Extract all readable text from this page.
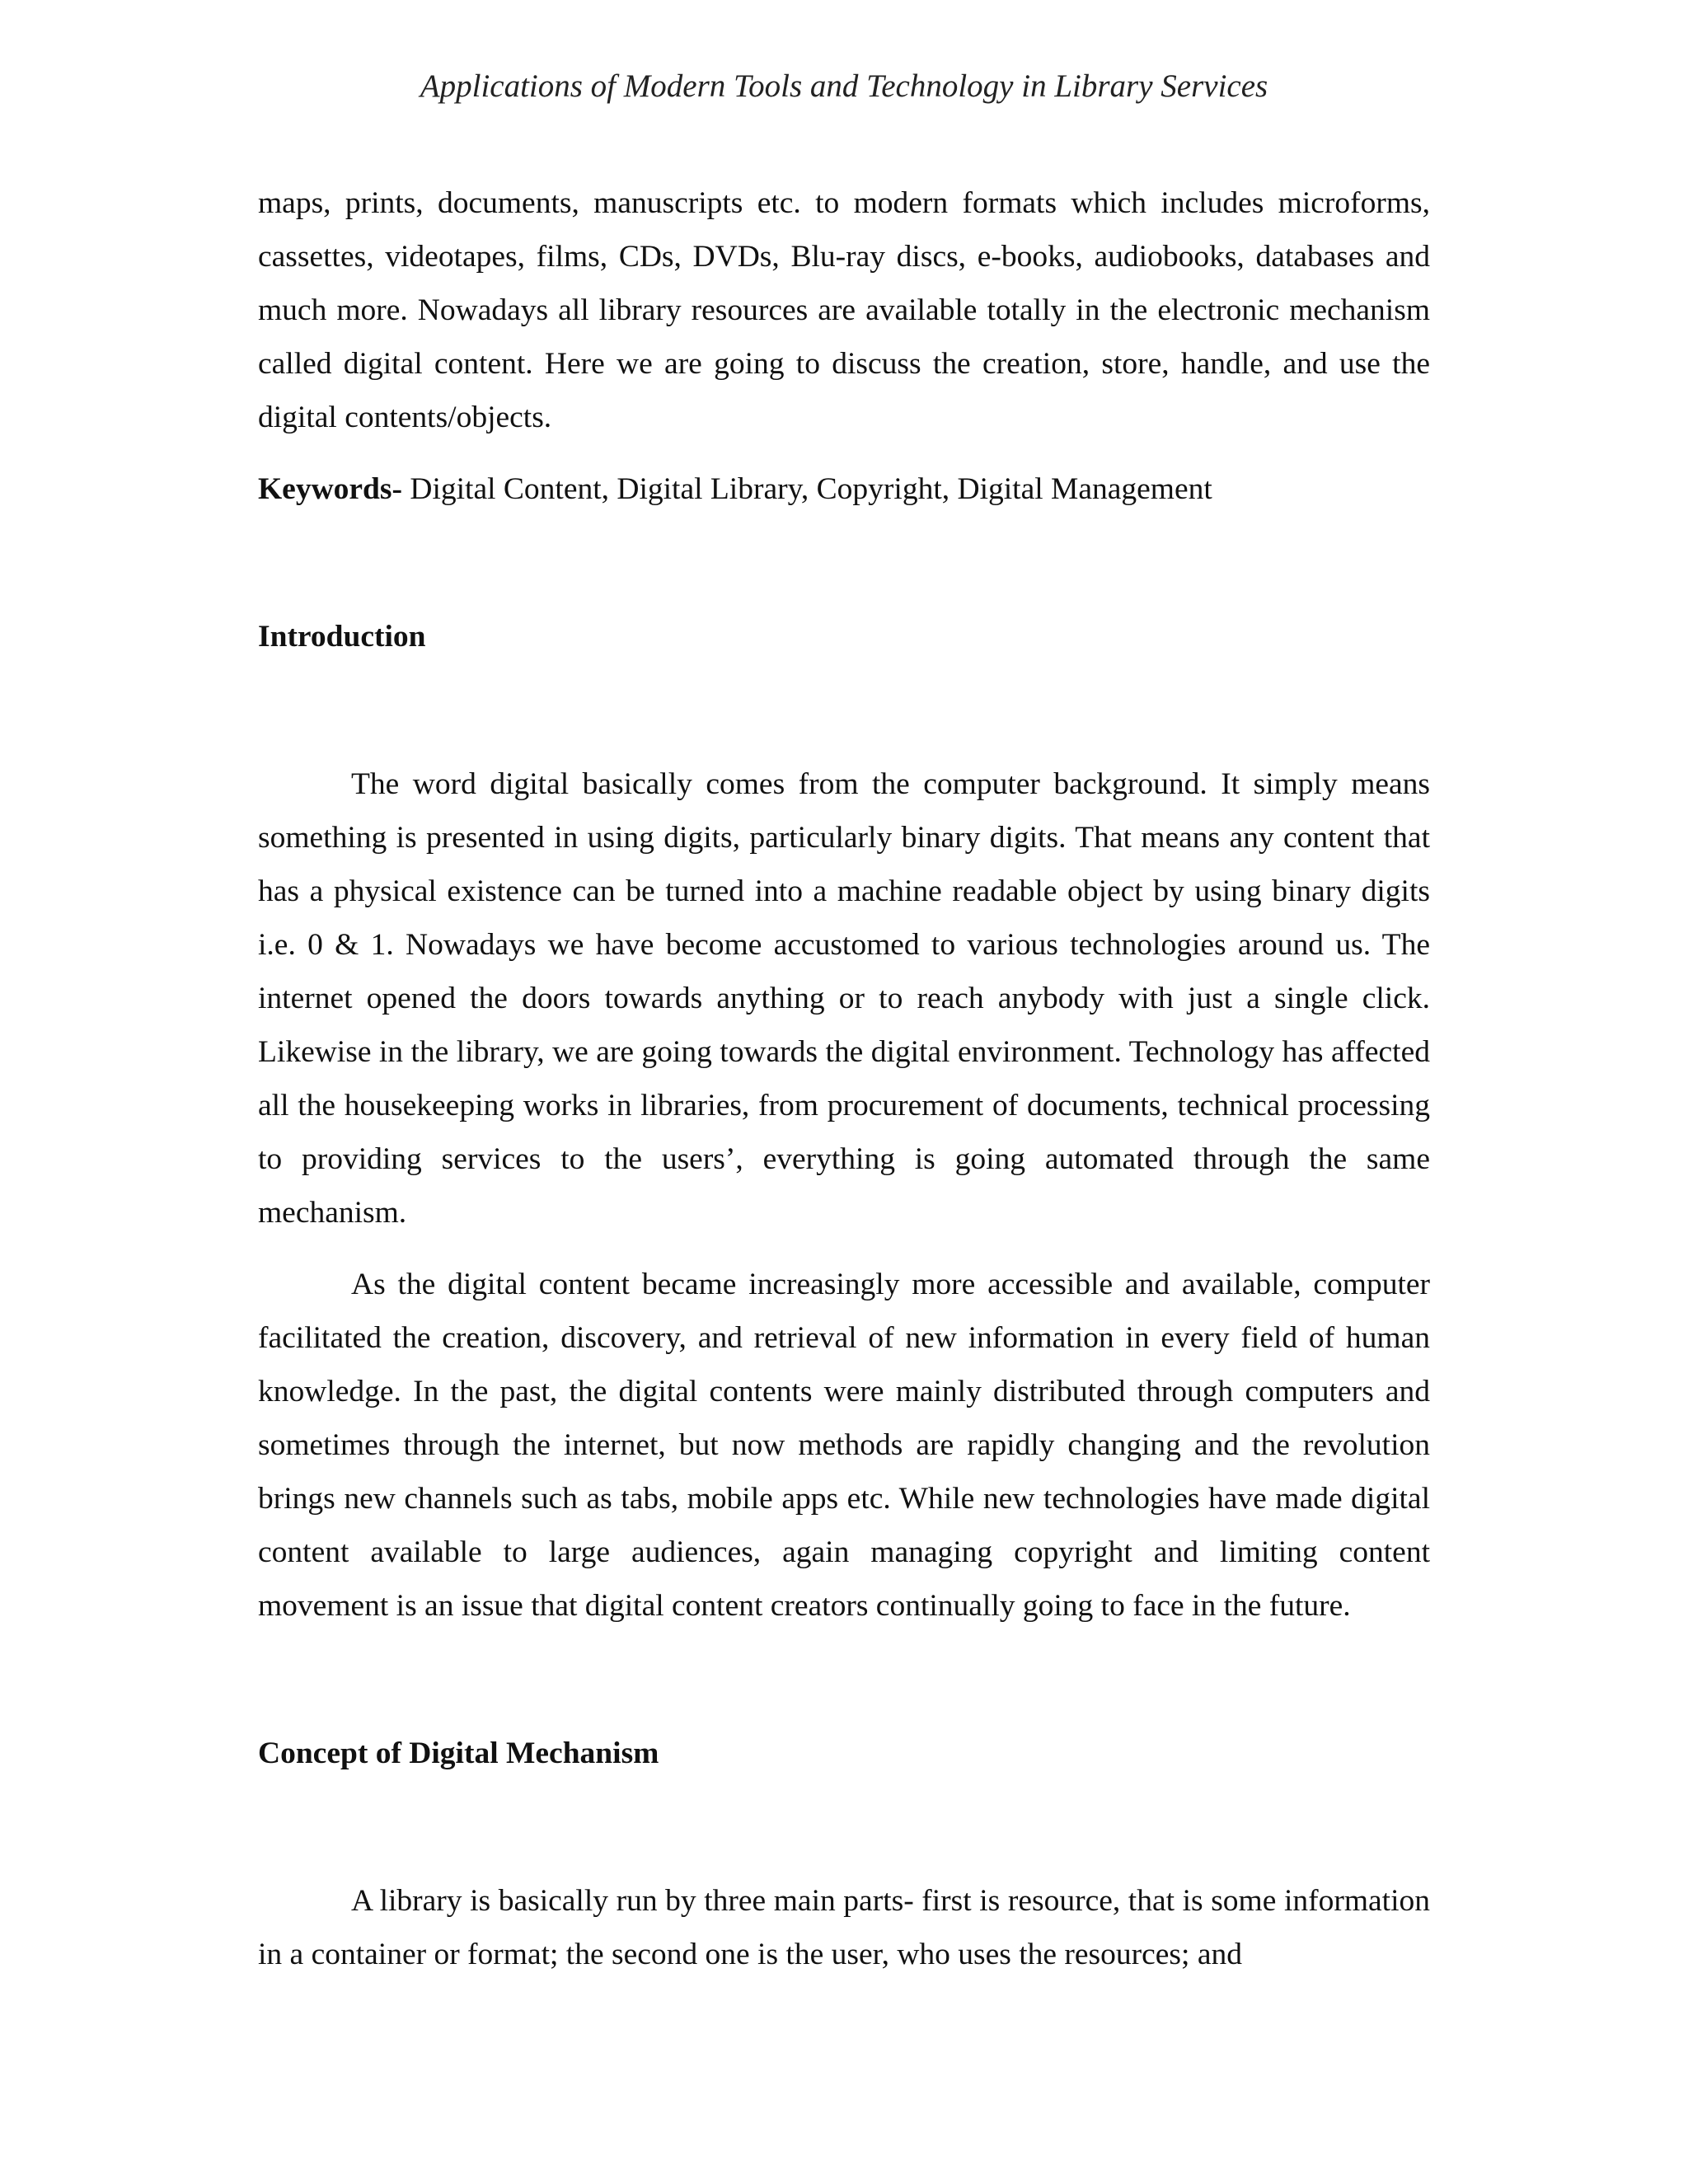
Applications of Modern Tools and Technology in Library Services

maps, prints, documents, manuscripts etc. to modern formats which includes microforms, cassettes, videotapes, films, CDs, DVDs, Blu-ray discs, e-books, audiobooks, databases and much more. Nowadays all library resources are available totally in the electronic mechanism called digital content. Here we are going to discuss the creation, store, handle, and use the digital contents/objects.

Keywords- Digital Content, Digital Library, Copyright, Digital Management

Introduction

The word digital basically comes from the computer background. It simply means something is presented in using digits, particularly binary digits. That means any content that has a physical existence can be turned into a machine readable object by using binary digits i.e. 0 & 1. Nowadays we have become accustomed to various technologies around us. The internet opened the doors towards anything or to reach anybody with just a single click. Likewise in the library, we are going towards the digital environment. Technology has affected all the housekeeping works in libraries, from procurement of documents, technical processing to providing services to the users’, everything is going automated through the same mechanism.

As the digital content became increasingly more accessible and available, computer facilitated the creation, discovery, and retrieval of new information in every field of human knowledge. In the past, the digital contents were mainly distributed through computers and sometimes through the internet, but now methods are rapidly changing and the revolution brings new channels such as tabs, mobile apps etc. While new technologies have made digital content available to large audiences, again managing copyright and limiting content movement is an issue that digital content creators continually going to face in the future.

Concept of Digital Mechanism

A library is basically run by three main parts- first is resource, that is some information in a container or format; the second one is the user, who uses the resources; and
